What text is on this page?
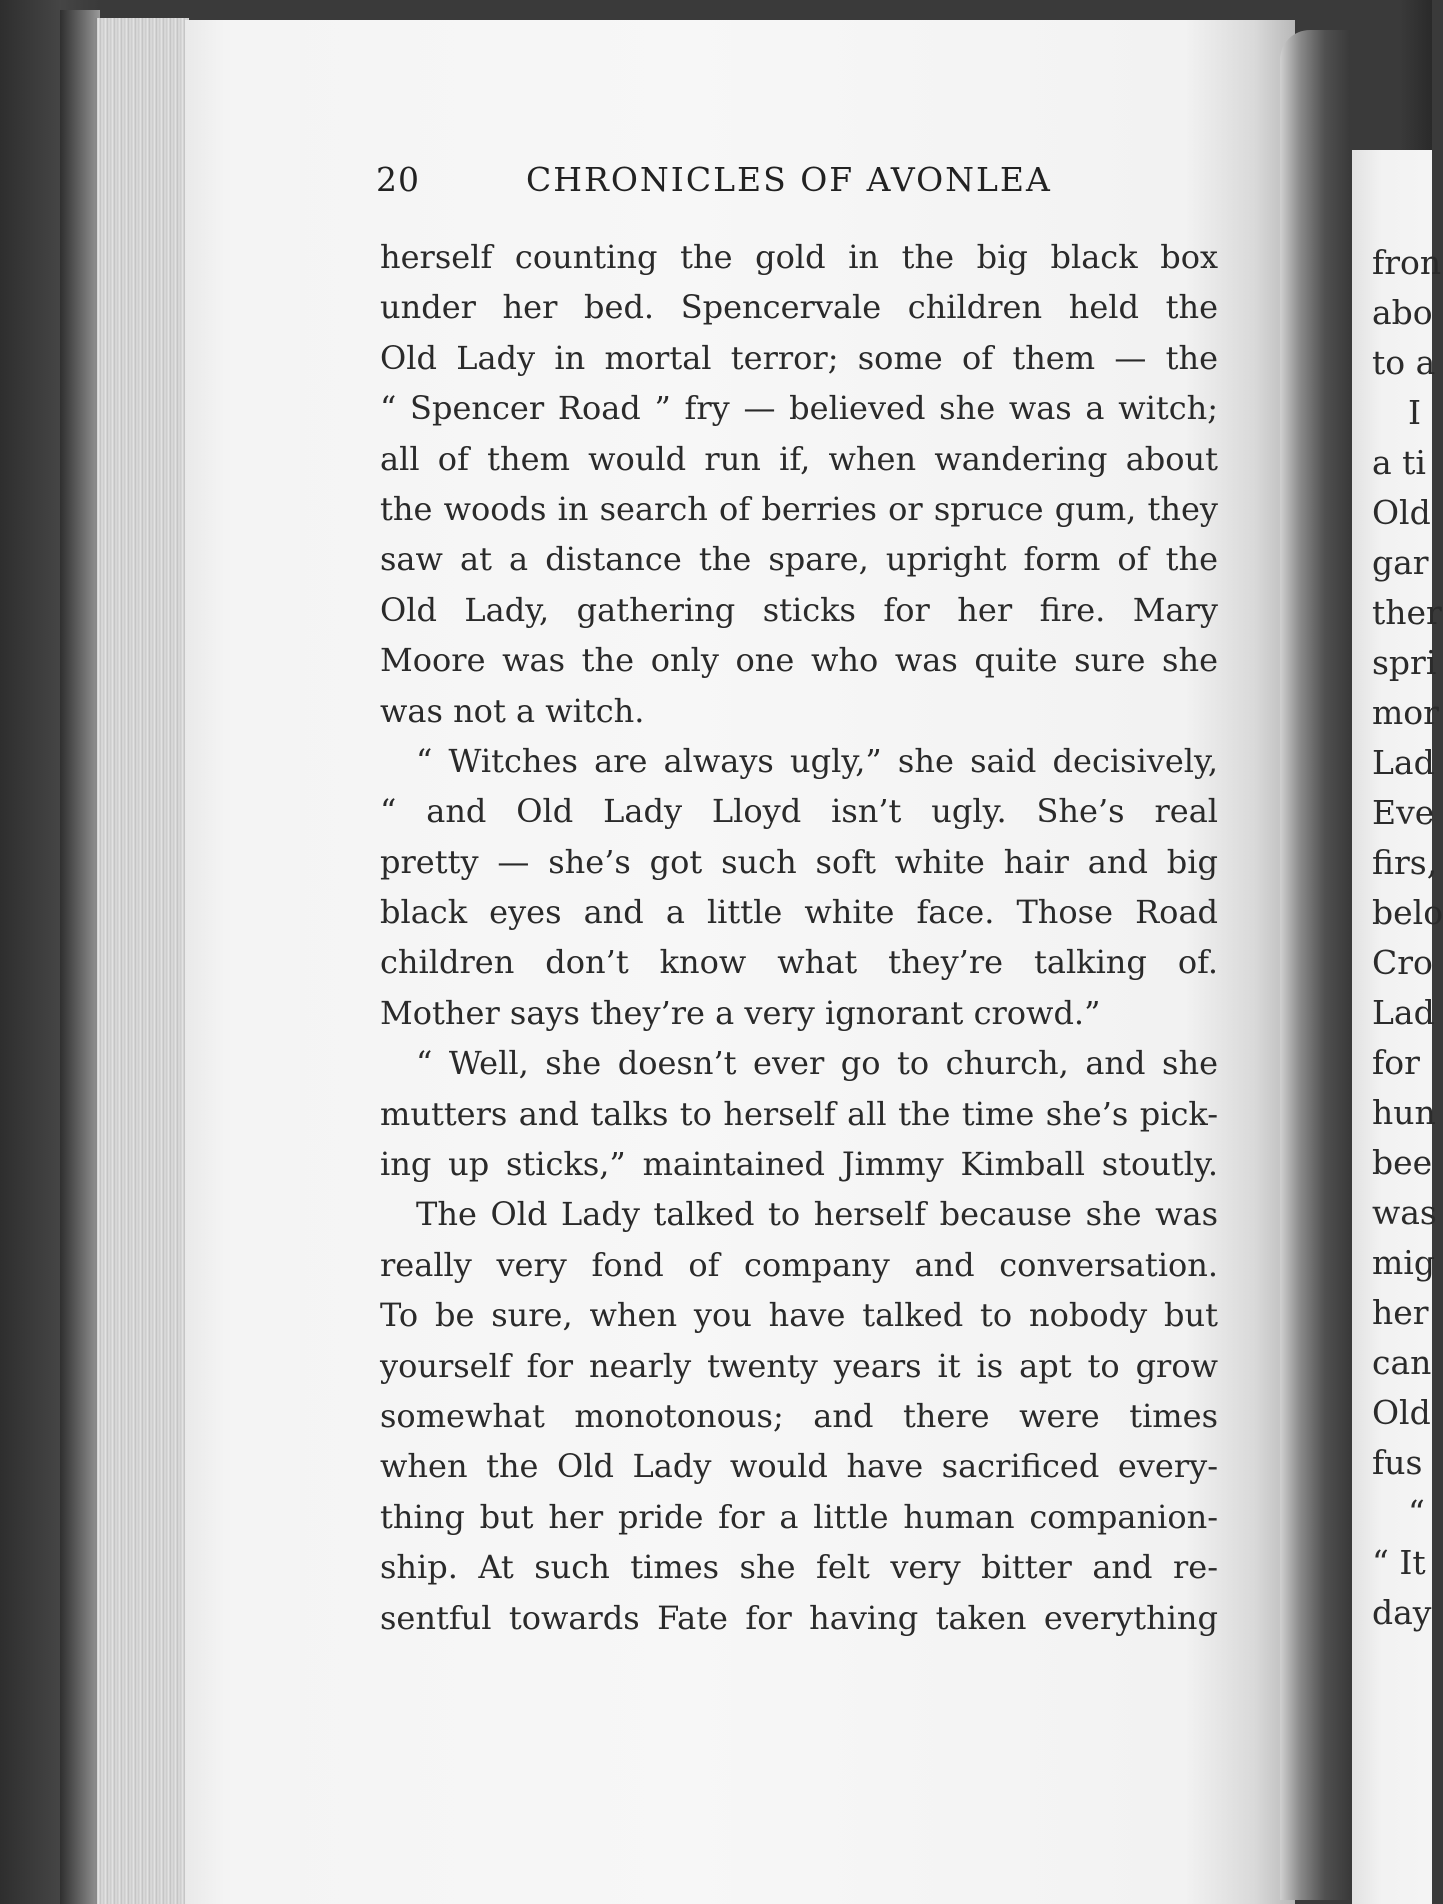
20	CHRONICLES OF AVONLEA
herself counting the gold in the big black box
under her bed. Spencervale children held the
Old Lady in mortal terror; some of them — the
“ Spencer Road ” fry — believed she was a witch;
all of them would run if, when wandering about
the woods in search of berries or spruce gum, they
saw at a distance the spare, upright form of the
Old Lady, gathering sticks for her fire. Mary
Moore was the only one who was quite sure she
was not a witch.
“ Witches are always ugly,” she said decisively,
“ and Old Lady Lloyd isn’t ugly. She’s real
pretty — she’s got such soft white hair and big
black eyes and a little white face. Those Road
children don’t know what they’re talking of.
Mother says they’re a very ignorant crowd.”
“ Well, she doesn’t ever go to church, and she
mutters and talks to herself all the time she’s pick-
ing up sticks,” maintained Jimmy Kimball stoutly.
The Old Lady talked to herself because she was
really very fond of company and conversation.
To be sure, when you have talked to nobody but
yourself for nearly twenty years it is apt to grow
somewhat monotonous; and there were times
when the Old Lady would have sacrificed every-
thing but her pride for a little human companion-
ship. At such times she felt very bitter and re-
sentful towards Fate for having taken everything
fron
abo
to a
I
a ti
Old
gar
ther
spri
mor
Lad
Eve
firs,
belo
Cro
Lad
for
hun
bee
was
mig
her
can
Old
fus
“
“ It
day
